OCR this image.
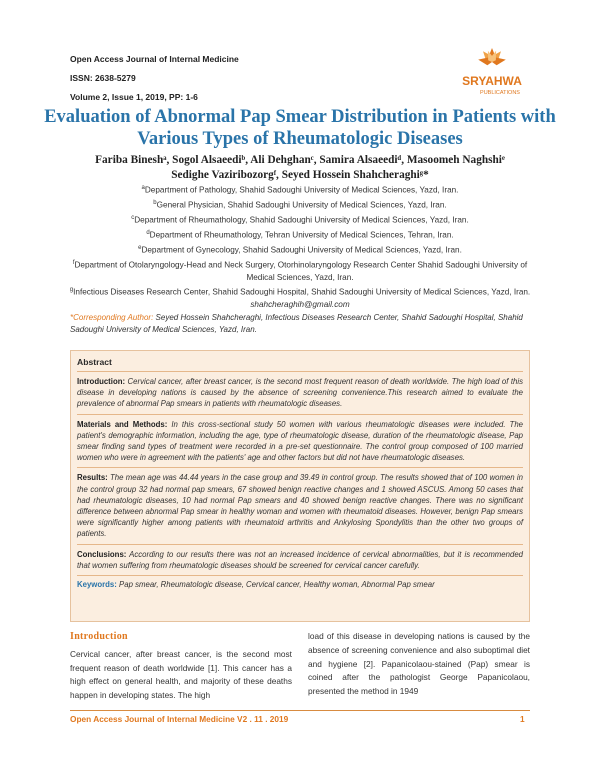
Open Access Journal of Internal Medicine
ISSN: 2638-5279
Volume 2, Issue 1, 2019, PP: 1-6
SRYAHWA
PUBLICATIONS
Evaluation of Abnormal Pap Smear Distribution in Patients with Various Types of Rheumatologic Diseases
Fariba Bineshᵃ, Sogol Alsaeediᵇ, Ali Dehghanᶜ, Samira Alsaeediᵈ, Masoomeh Naghshiᵉ
Sedighe Vaziribozorgᶠ, Seyed Hossein Shahcheraghiᵍ*
$^a$Department of Pathology, Shahid Sadoughi University of Medical Sciences, Yazd, Iran.
$^b$General Physician, Shahid Sadoughi University of Medical Sciences, Yazd, Iran.
$^c$Department of Rheumathology, Shahid Sadoughi University of Medical Sciences, Yazd, Iran.
$^d$Department of Rheumathology, Tehran University of Medical Sciences, Tehran, Iran.
$^e$Department of Gynecology, Shahid Sadoughi University of Medical Sciences, Yazd, Iran.
$^f$Department of Otolaryngology-Head and Neck Surgery, Otorhinolaryngology Research Center Shahid Sadoughi University of Medical Sciences, Yazd, Iran.
$^g$Infectious Diseases Research Center, Shahid Sadoughi Hospital, Shahid Sadoughi University of Medical Sciences, Yazd, Iran.
shahcheraghih@gmail.com
*Corresponding Author: Seyed Hossein Shahcheraghi, Infectious Diseases Research Center, Shahid Sadoughi Hospital, Shahid Sadoughi University of Medical Sciences, Yazd, Iran.
Abstract

Introduction: Cervical cancer, after breast cancer, is the second most frequent reason of death worldwide. The high load of this disease in developing nations is caused by the absence of screening convenience.This research aimed to evaluate the prevalence of abnormal Pap smears in patients with rheumatologic diseases.

Materials and Methods: In this cross-sectional study 50 women with various rheumatologic diseases were included. The patient's demographic information, including the age, type of rheumatologic disease, duration of the rheumatologic disease, Pap smear finding sand types of treatment were recorded in a pre-set questionnaire. The control group composed of 100 married women who were in agreement with the patients' age and other factors but did not have rheumatologic diseases.

Results: The mean age was 44.44 years in the case group and 39.49 in control group. The results showed that of 100 women in the control group 32 had normal pap smears, 67 showed benign reactive changes and 1 showed ASCUS. Among 50 cases that had rheumatologic diseases, 10 had normal Pap smears and 40 showed benign reactive changes. There was no significant difference between abnormal Pap smear in healthy woman and women with rheumatoid diseases. However, benign Pap smears were significantly higher among patients with rheumatoid arthritis and Ankylosing Spondylitis than the other two groups of patients.

Conclusions: According to our results there was not an increased incidence of cervical abnormalities, but it is recommended that women suffering from rheumatologic diseases should be screened for cervical cancer carefully.

Keywords: Pap smear, Rheumatologic disease, Cervical cancer, Healthy woman, Abnormal Pap smear
Introduction
Cervical cancer, after breast cancer, is the second most frequent reason of death worldwide [1]. This cancer has a high effect on general health, and majority of these deaths happen in developing states. The high
load of this disease in developing nations is caused by the absence of screening convenience and also suboptimal diet and hygiene [2]. Papanicolaou-stained (Pap) smear is coined after the pathologist George Papanicolaou, presented the method in 1949
Open Access Journal of Internal Medicine V2 . 11 . 2019	1
